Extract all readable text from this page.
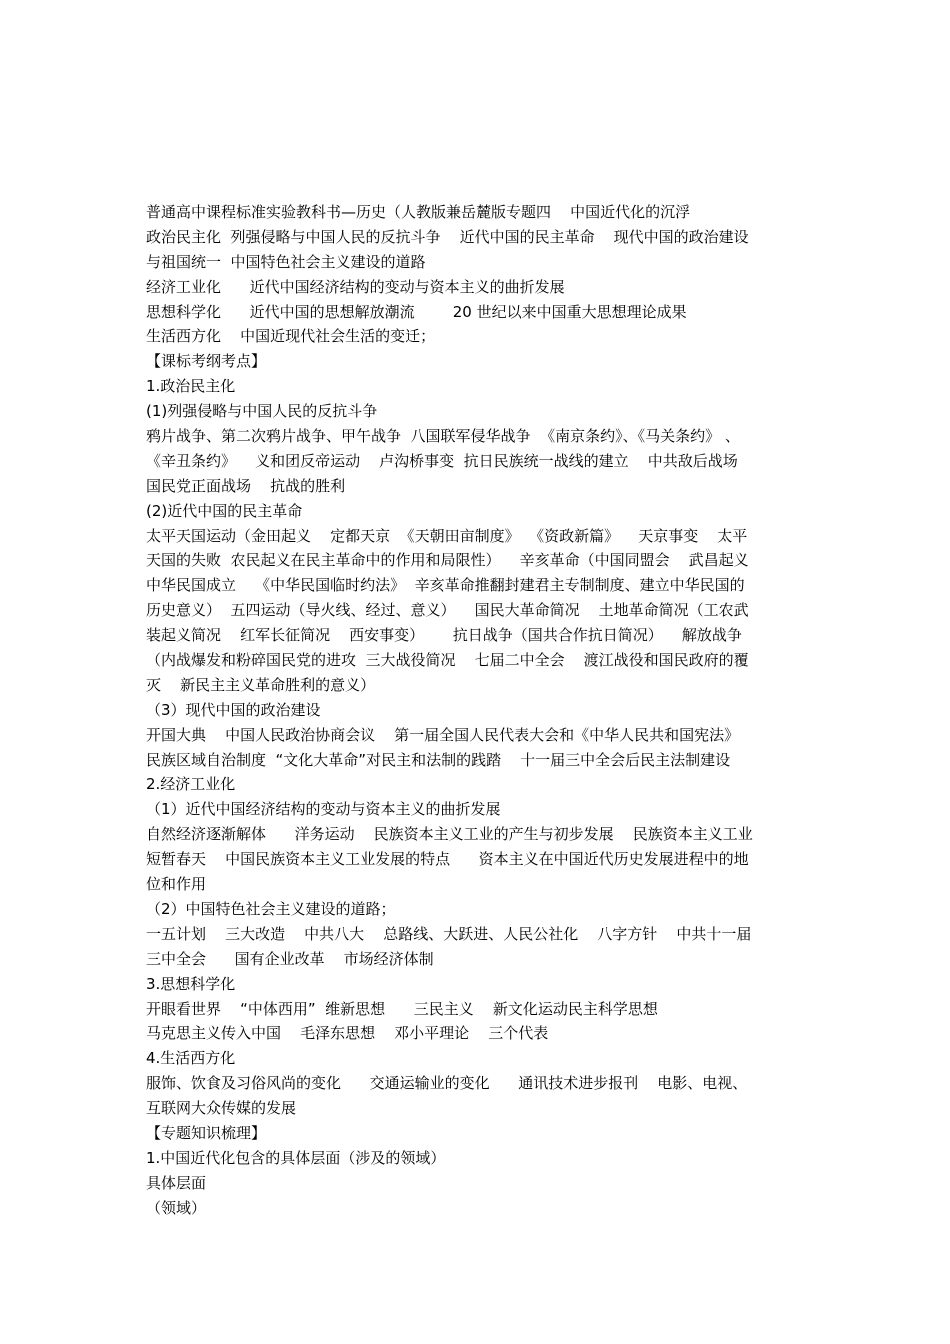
普通高中课程标准实验教科书—历史（人教版兼岳麓版专题四    中国近代化的沉浮
政治民主化  列强侵略与中国人民的反抗斗争    近代中国的民主革命    现代中国的政治建设
与祖国统一  中国特色社会主义建设的道路
经济工业化      近代中国经济结构的变动与资本主义的曲折发展
思想科学化      近代中国的思想解放潮流        20 世纪以来中国重大思想理论成果
生活西方化    中国近现代社会生活的变迁；
【课标考纲考点】
1.政治民主化
(1)列强侵略与中国人民的反抗斗争
鸦片战争、第二次鸦片战争、甲午战争  八国联军侵华战争  《南京条约》、《马关条约》 、
《辛丑条约》    义和团反帝运动    卢沟桥事变  抗日民族统一战线的建立    中共敌后战场
国民党正面战场    抗战的胜利
(2)近代中国的民主革命
太平天国运动（金田起义    定都天京  《天朝田亩制度》  《资政新篇》    天京事变    太平
天国的失败  农民起义在民主革命中的作用和局限性）    辛亥革命（中国同盟会    武昌起义
中华民国成立    《中华民国临时约法》  辛亥革命推翻封建君主专制制度、建立中华民国的
历史意义）  五四运动（导火线、经过、意义）    国民大革命简况    土地革命简况（工农武
装起义简况    红军长征简况    西安事变）      抗日战争（国共合作抗日简况）    解放战争
（内战爆发和粉碎国民党的进攻  三大战役简况    七届二中全会    渡江战役和国民政府的覆
灭    新民主主义革命胜利的意义）
（3）现代中国的政治建设
开国大典    中国人民政治协商会议    第一届全国人民代表大会和《中华人民共和国宪法》
民族区域自治制度  “文化大革命”对民主和法制的践踏    十一届三中全会后民主法制建设
2.经济工业化
（1）近代中国经济结构的变动与资本主义的曲折发展
自然经济逐渐解体      洋务运动    民族资本主义工业的产生与初步发展    民族资本主义工业
短暂春天    中国民族资本主义工业发展的特点      资本主义在中国近代历史发展进程中的地
位和作用
（2）中国特色社会主义建设的道路；
一五计划    三大改造    中共八大    总路线、大跃进、人民公社化    八字方针    中共十一届
三中全会      国有企业改革    市场经济体制
3.思想科学化
开眼看世界    “中体西用”  维新思想      三民主义    新文化运动民主科学思想
马克思主义传入中国    毛泽东思想    邓小平理论    三个代表
4.生活西方化
服饰、饮食及习俗风尚的变化      交通运输业的变化      通讯技术进步报刊    电影、电视、
互联网大众传媒的发展
【专题知识梳理】
1.中国近代化包含的具体层面（涉及的领域）
具体层面
（领域）
